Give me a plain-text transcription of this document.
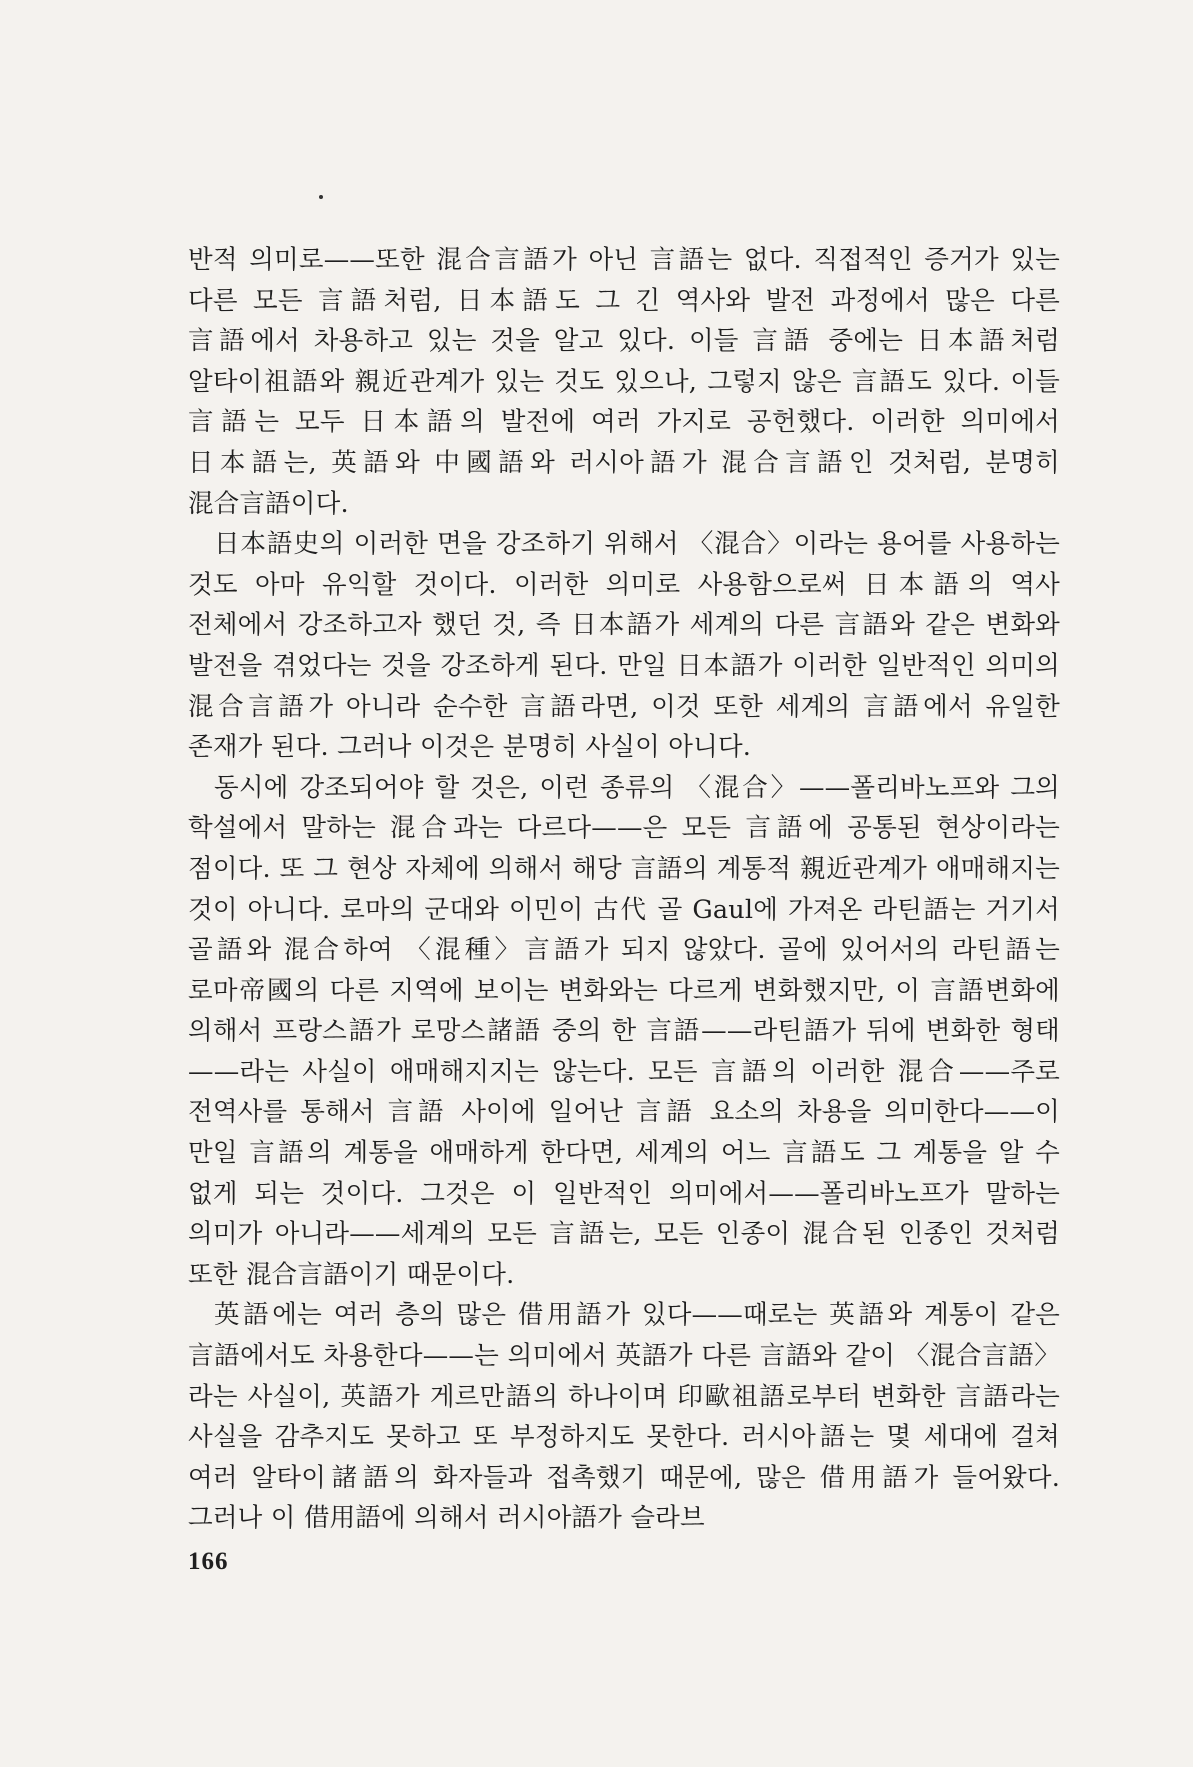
반적 의미로——또한 混合言語가 아닌 言語는 없다. 직접적인 증거가 있는 다른 모든 言語처럼, 日本語도 그 긴 역사와 발전 과정에서 많은 다른 言語에서 차용하고 있는 것을 알고 있다. 이들 言語 중에는 日本語처럼 알타이祖語와 親近관계가 있는 것도 있으나, 그렇지 않은 言語도 있다. 이들 言語는 모두 日本語의 발전에 여러 가지로 공헌했다. 이러한 의미에서 日本語는, 英語와 中國語와 러시아語가 混合言語인 것처럼, 분명히 混合言語이다.

日本語史의 이러한 면을 강조하기 위해서 〈混合〉이라는 용어를 사용하는 것도 아마 유익할 것이다. 이러한 의미로 사용함으로써 日本語의 역사 전체에서 강조하고자 했던 것, 즉 日本語가 세계의 다른 言語와 같은 변화와 발전을 겪었다는 것을 강조하게 된다. 만일 日本語가 이러한 일반적인 의미의 混合言語가 아니라 순수한 言語라면, 이것 또한 세계의 言語에서 유일한 존재가 된다. 그러나 이것은 분명히 사실이 아니다.

동시에 강조되어야 할 것은, 이런 종류의 〈混合〉——폴리바노프와 그의 학설에서 말하는 混合과는 다르다——은 모든 言語에 공통된 현상이라는 점이다. 또 그 현상 자체에 의해서 해당 言語의 계통적 親近관계가 애매해지는 것이 아니다. 로마의 군대와 이민이 古代 골 Gaul에 가져온 라틴語는 거기서 골語와 混合하여 〈混種〉言語가 되지 않았다. 골에 있어서의 라틴語는 로마帝國의 다른 지역에 보이는 변화와는 다르게 변화했지만, 이 言語변화에 의해서 프랑스語가 로망스諸語 중의 한 言語——라틴語가 뒤에 변화한 형태——라는 사실이 애매해지지는 않는다. 모든 言語의 이러한 混合——주로 전역사를 통해서 言語 사이에 일어난 言語 요소의 차용을 의미한다——이 만일 言語의 계통을 애매하게 한다면, 세계의 어느 言語도 그 계통을 알 수 없게 되는 것이다. 그것은 이 일반적인 의미에서——폴리바노프가 말하는 의미가 아니라——세계의 모든 言語는, 모든 인종이 混合된 인종인 것처럼 또한 混合言語이기 때문이다.

英語에는 여러 층의 많은 借用語가 있다——때로는 英語와 계통이 같은 言語에서도 차용한다——는 의미에서 英語가 다른 言語와 같이 〈混合言語〉라는 사실이, 英語가 게르만語의 하나이며 印歐祖語로부터 변화한 言語라는 사실을 감추지도 못하고 또 부정하지도 못한다. 러시아語는 몇 세대에 걸쳐 여러 알타이諸語의 화자들과 접촉했기 때문에, 많은 借用語가 들어왔다. 그러나 이 借用語에 의해서 러시아語가 슬라브

166
